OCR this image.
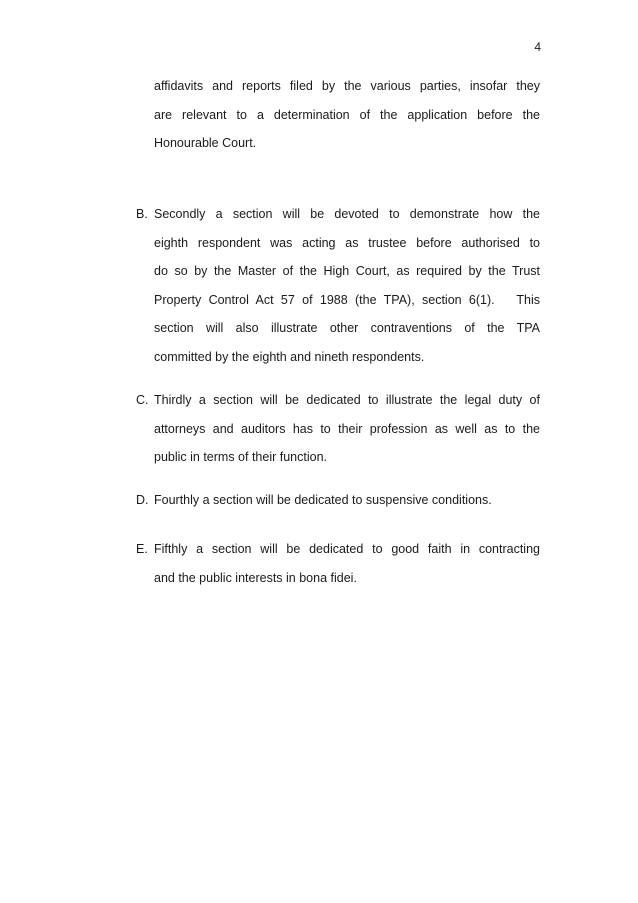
4
affidavits and reports filed by the various parties, insofar they
are relevant to a determination of the application before the
Honourable Court.
B. Secondly a section will be devoted to demonstrate how the
eighth respondent was acting as trustee before authorised to
do so by the Master of the High Court, as required by the Trust
Property Control Act 57 of 1988 (the TPA), section 6(1).   This
section will also illustrate other contraventions of the TPA
committed by the eighth and nineth respondents.
C. Thirdly a section will be dedicated to illustrate the legal duty of
attorneys and auditors has to their profession as well as to the
public in terms of their function.
D. Fourthly a section will be dedicated to suspensive conditions.
E. Fifthly a section will be dedicated to good faith in contracting
and the public interests in bona fidei.
